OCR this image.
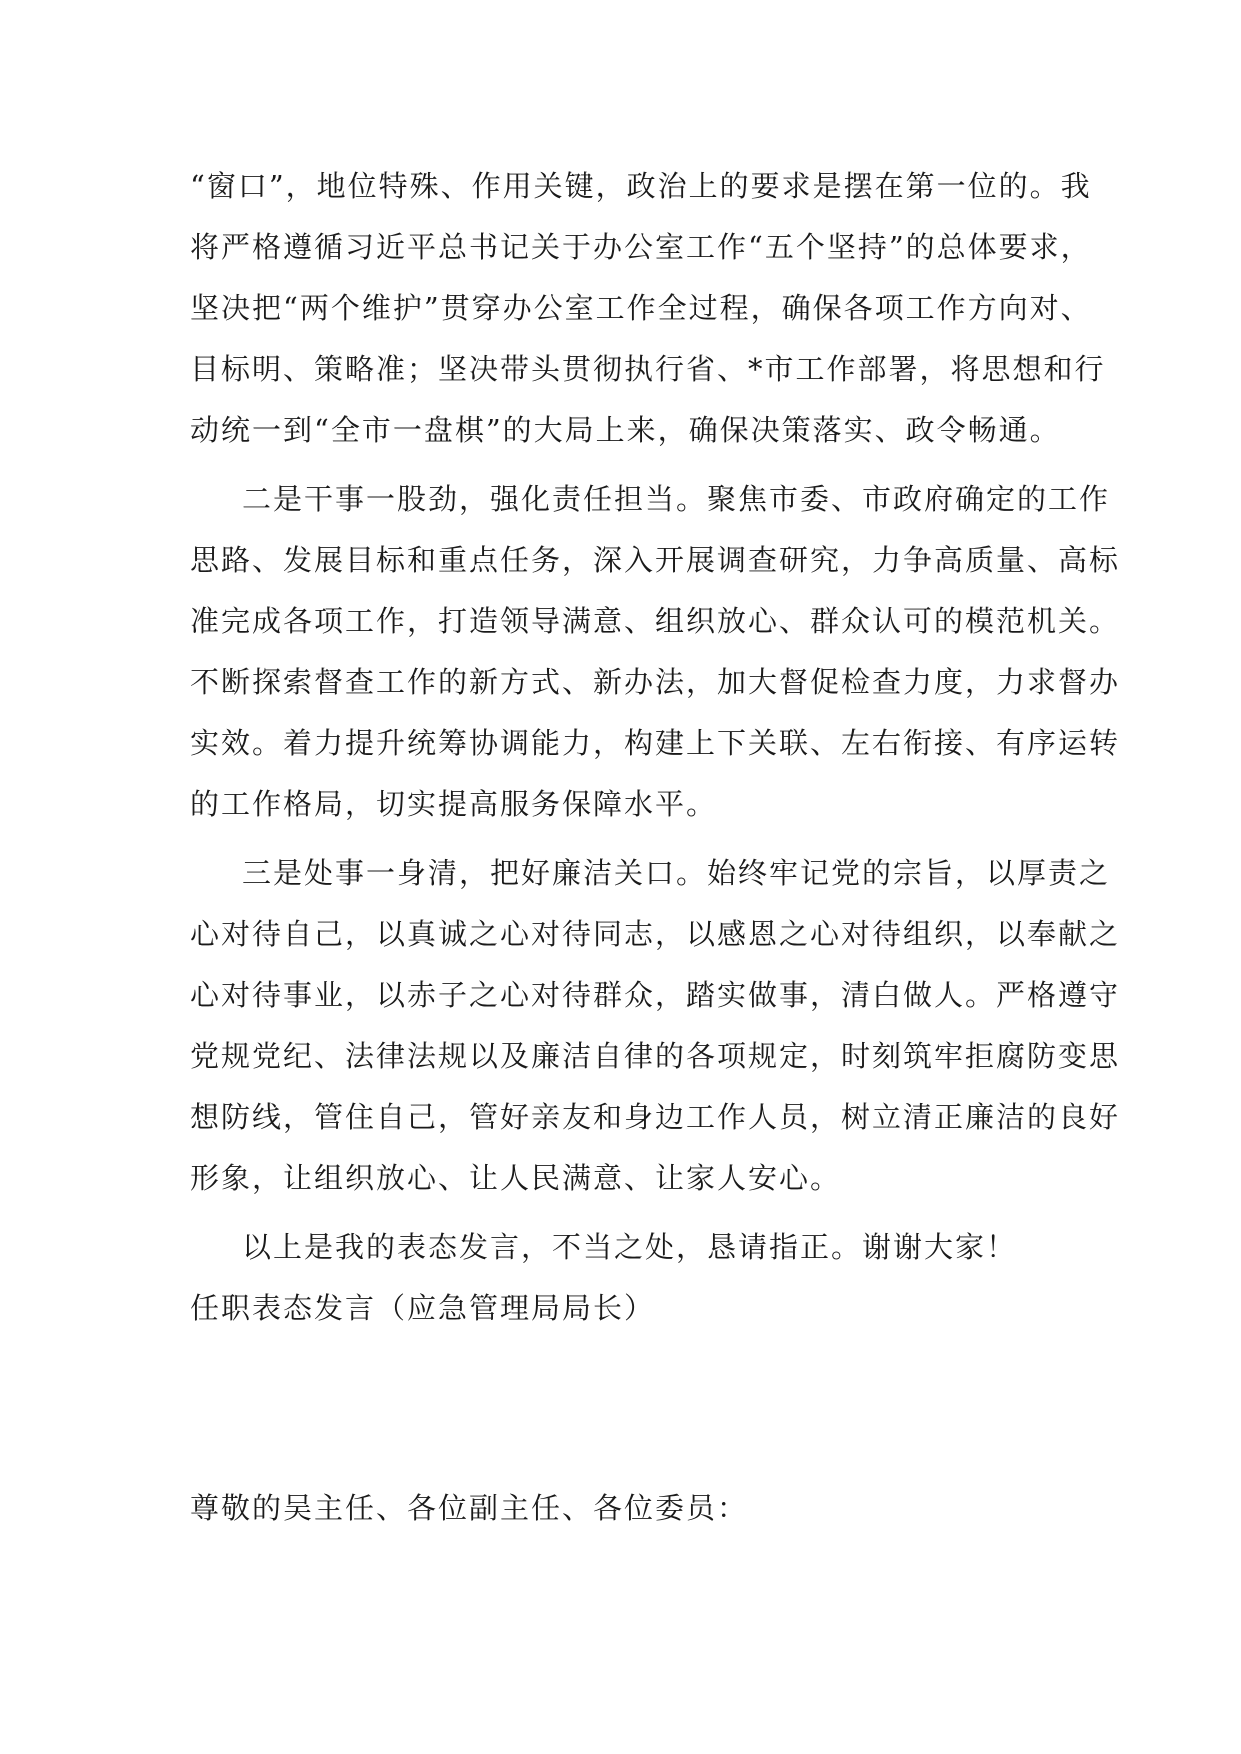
“窗口”，地位特殊、作用关键，政治上的要求是摆在第一位的。我

将严格遵循习近平总书记关于办公室工作“五个坚持”的总体要求，

坚决把“两个维护”贯穿办公室工作全过程，确保各项工作方向对、

目标明、策略准；坚决带头贯彻执行省、*市工作部署，将思想和行

动统一到“全市一盘棋”的大局上来，确保决策落实、政令畅通。

二是干事一股劲，强化责任担当。聚焦市委、市政府确定的工作

思路、发展目标和重点任务，深入开展调查研究，力争高质量、高标

准完成各项工作，打造领导满意、组织放心、群众认可的模范机关。

不断探索督查工作的新方式、新办法，加大督促检查力度，力求督办

实效。着力提升统筹协调能力，构建上下关联、左右衔接、有序运转

的工作格局，切实提高服务保障水平。

三是处事一身清，把好廉洁关口。始终牢记党的宗旨，以厚责之

心对待自己，以真诚之心对待同志，以感恩之心对待组织，以奉献之

心对待事业，以赤子之心对待群众，踏实做事，清白做人。严格遵守

党规党纪、法律法规以及廉洁自律的各项规定，时刻筑牢拒腐防变思

想防线，管住自己，管好亲友和身边工作人员，树立清正廉洁的良好

形象，让组织放心、让人民满意、让家人安心。

以上是我的表态发言，不当之处，恳请指正。谢谢大家！

任职表态发言（应急管理局局长）

尊敬的吴主任、各位副主任、各位委员：
